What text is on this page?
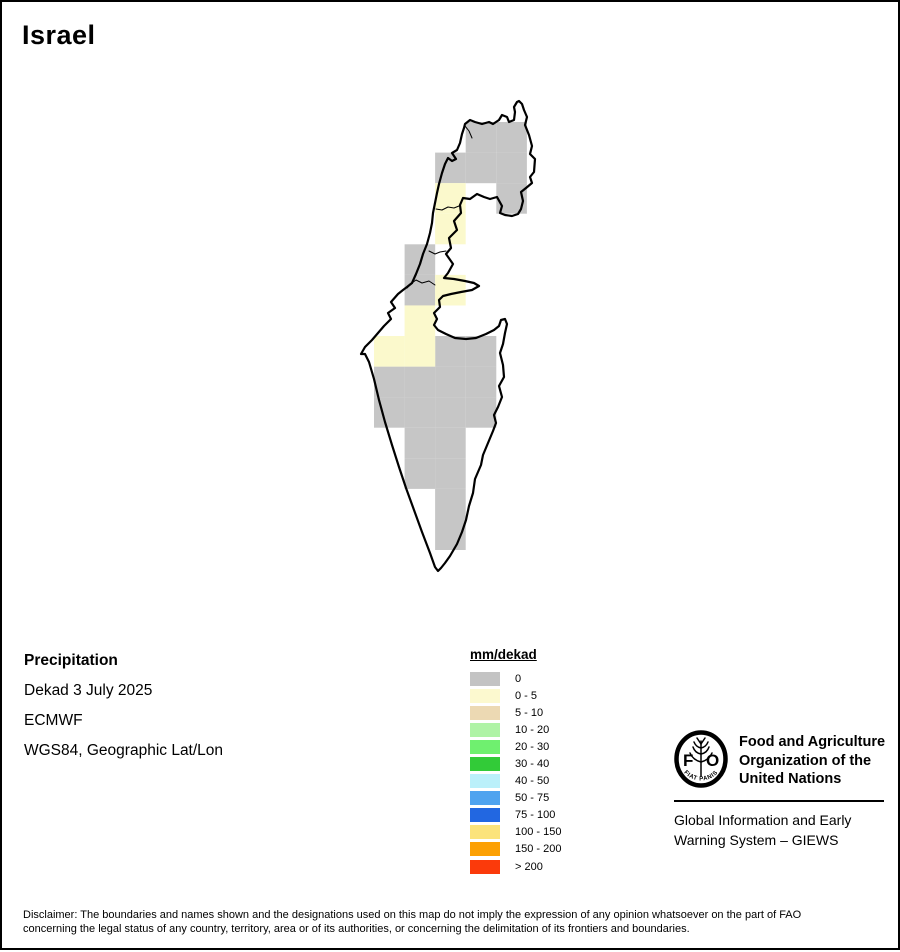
Israel
Precipitation
Dekad 3 July 2025
ECMWF
WGS84, Geographic Lat/Lon
mm/dekad
0
0 - 5
5 - 10
10 - 20
20 - 30
30 - 40
40 - 50
50 - 75
75 - 100
100 - 150
150 - 200
> 200
F O
FIAT PANIS
Food and Agriculture
Organization of the
United Nations
Global Information and Early
Warning System – GIEWS
Disclaimer: The boundaries and names shown and the designations used on this map do not imply the expression of any opinion whatsoever on the part of FAO
concerning the legal status of any country, territory, area or of its authorities, or concerning the delimitation of its frontiers and boundaries.
